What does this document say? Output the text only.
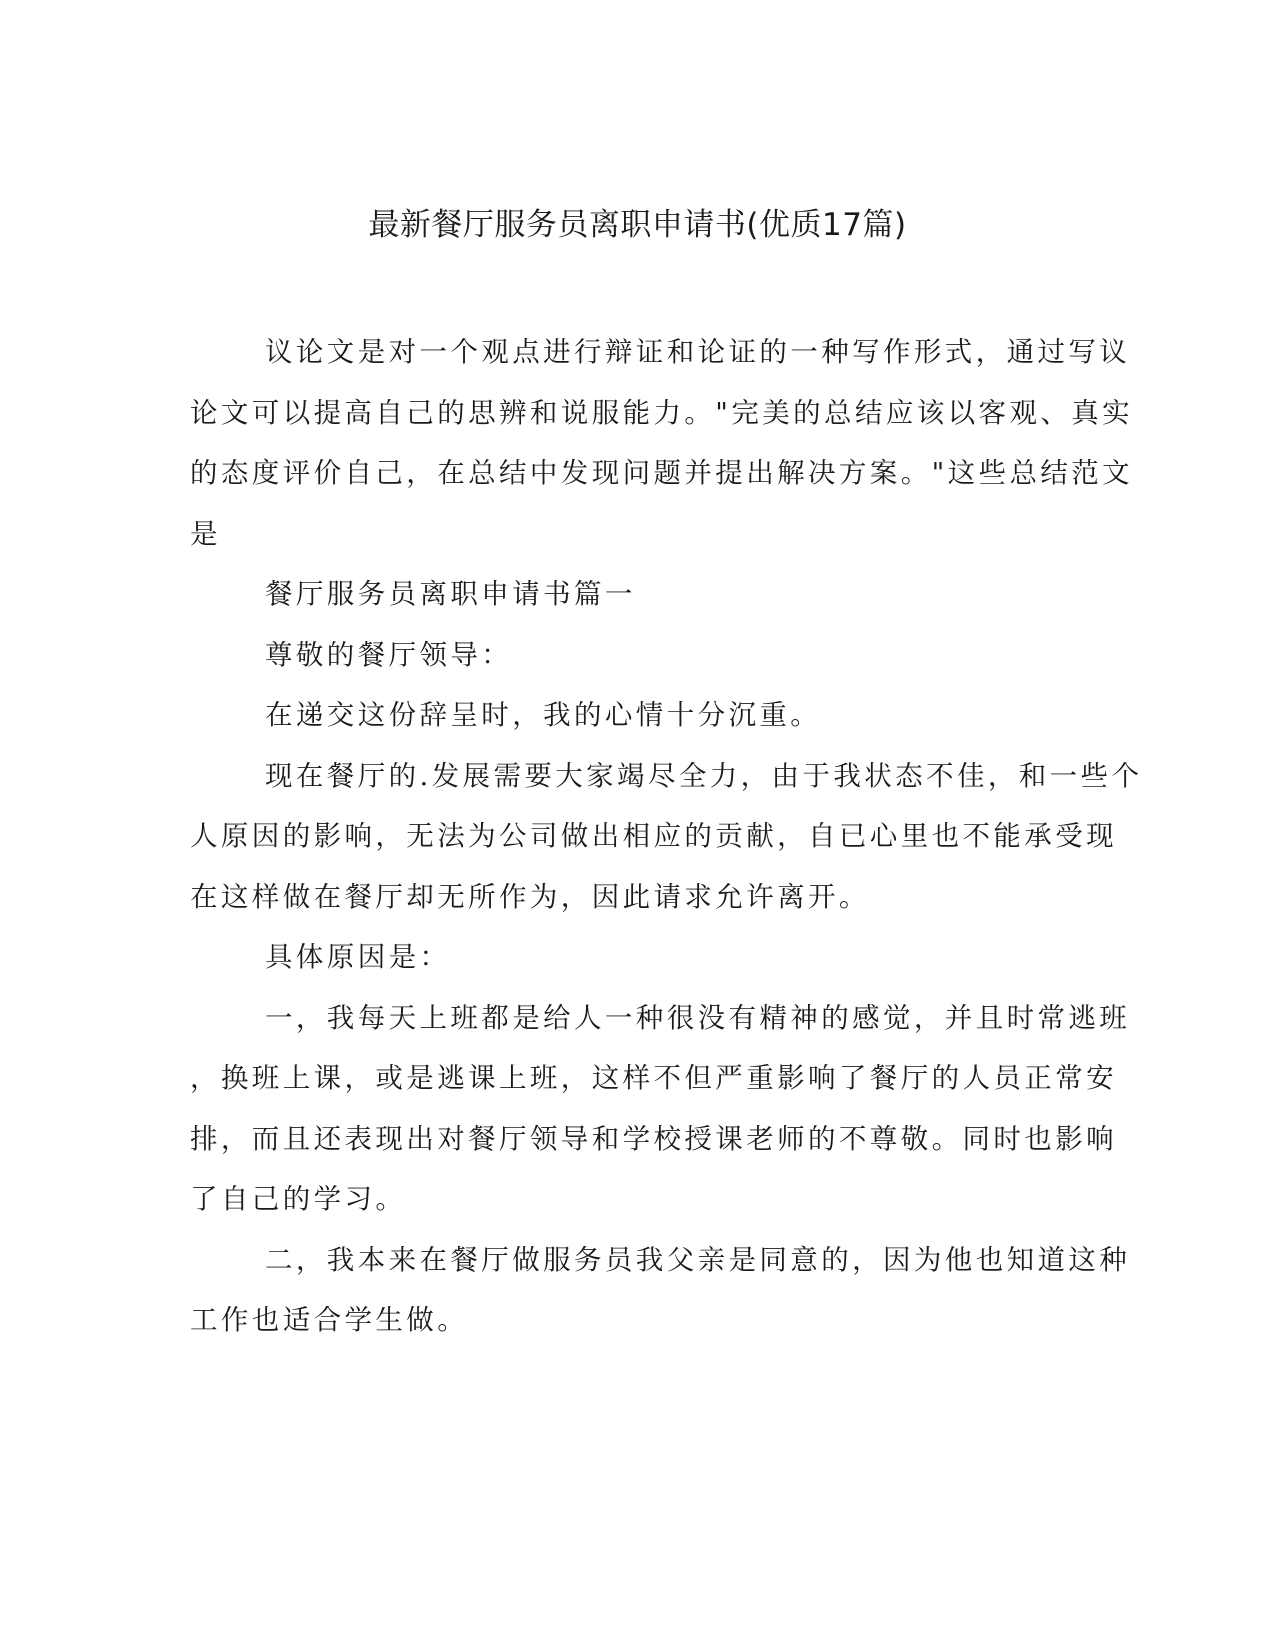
最新餐厅服务员离职申请书(优质17篇)
议论文是对一个观点进行辩证和论证的一种写作形式，通过写议
论文可以提高自己的思辨和说服能力。"完美的总结应该以客观、真实
的态度评价自己，在总结中发现问题并提出解决方案。"这些总结范文
是
餐厅服务员离职申请书篇一
尊敬的餐厅领导：
在递交这份辞呈时，我的心情十分沉重。
现在餐厅的.发展需要大家竭尽全力，由于我状态不佳，和一些个
人原因的影响，无法为公司做出相应的贡献，自已心里也不能承受现
在这样做在餐厅却无所作为，因此请求允许离开。
具体原因是：
一，我每天上班都是给人一种很没有精神的感觉，并且时常逃班
，换班上课，或是逃课上班，这样不但严重影响了餐厅的人员正常安
排，而且还表现出对餐厅领导和学校授课老师的不尊敬。同时也影响
了自己的学习。
二，我本来在餐厅做服务员我父亲是同意的，因为他也知道这种
工作也适合学生做。
